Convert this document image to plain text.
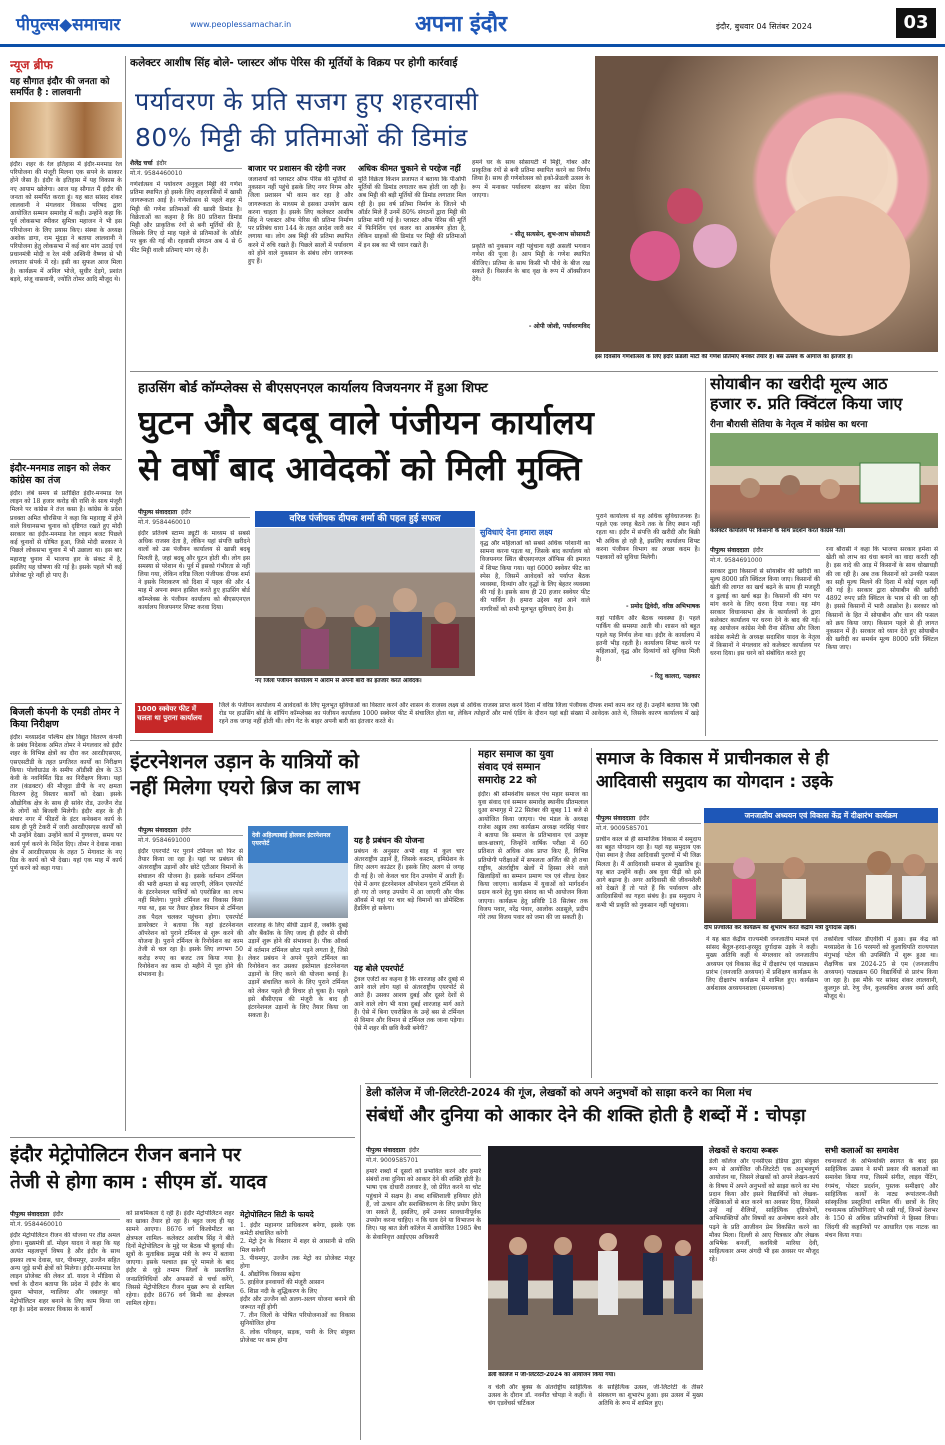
पीपुल्स◆समाचार	www.peoplessamachar.in	अपना इंदौर	इंदौर, बुधवार 04 सितंबर 2024	03
न्यूज ब्रीफ
यह सौगात इंदौर की जनता को समर्पित है : लालवानी
इंदौर। शहर के रेल इतिहास में इंदौर-मनमाड रेल परियोजना की मंजूरी मिलना एक सपने के साकार होने जैसा है। इंदौर के इतिहास में यह विकास के नए आयाम खोलेगा। आज यह सौगात मैं इंदौर की जनता को समर्पित करता हूं। यह बात सांसद शंकर लालवानी ने मंगलवार विकास परिषद द्वारा आयोजित सम्मान समारोह में कही। उन्होंने कहा कि पूर्व लोकसभा स्पीकर सुमित्रा महाजन ने भी इस परियोजना के लिए प्रयास किए। संस्था के अध्यक्ष अशोक डागा, राम मूंदड़ा ने बताया लालवानी ने परियोजना हेतु लोकसभा में कई बार मांग उठाई एवं प्रधानमंत्री मोदी व रेल मंत्री अश्विनी वैष्णव से भी लगातार संपर्क में रहे। इसी का सुफल आज मिला है। कार्यक्रम में अनिल भोजे, सुधीर देड़गे, प्रशांत बड़वे, संजू वासवानी, ज्योति तोमर आदि मौजूद थे।
इंदौर-मनमाड लाइन को लेकर कांग्रेस का तंज
इंदौर। लंबे समय से प्रतीक्षित इंदौर-मनमाड रेल लाइन को 18 हजार करोड़ की राशि के साथ मंजूरी मिलने पर कांग्रेस ने तंज कसा है। कांग्रेस के प्रदेश प्रवक्ता अमित चौरसिया ने कहा कि महाराष्ट्र में होने वाले विधानसभा चुनाव को दृष्टिगत रखते हुए मोदी सरकार का इंदौर-मनमाड रेल लाइन बजट पिछले कई चुनावों से घोषित हुआ, जिसे मोदी सरकार ने पिछले लोकसभा चुनाव में भी उछाला था। इस बार महाराष्ट्र चुनाव में भाजपा हार के संकट में है, इसलिए यह घोषणा की गई है। इसके पहले भी कई प्रोजेक्ट पूरे नहीं हो पाए हैं।
बिजली कंपनी के एमडी तोमर ने किया निरीक्षण
इंदौर। मध्यप्रदेश पश्चिम क्षेत्र विद्युत वितरण कंपनी के प्रबंध निदेशक अमित तोमर ने मंगलवार को इंदौर शहर के विभिन्न क्षेत्रों का दौरा कर आरडीएसएस, एसएसटीडी के तहत प्रगतिरत कार्यों का निरीक्षण किया। पोलोग्राउंड के समीप ऑडीसी क्षेत्र के 33 केवी के नवनिर्मित ग्रिड का निरीक्षण किया। यहां तार (कंडक्टर) की मौजूदा डीपी के नए क्षमता वितरण हेतु विस्तार कार्यों को देखा। इसके औद्योगिक क्षेत्र के साथ ही सांवेर रोड, उज्जैन रोड के लोगों को बिजली मिलेगी। इंदौर शहर के ही संचार नगर में फीडरों के इंटर कनेक्शन कार्य के साथ ही पूरी टेकरी में जारी आरडीएसएस कार्यों को भी उन्होंने देखा। उन्होंने कार्य में गुणवत्ता, समय पर कार्य पूर्ण करने के निर्देश दिए। तोमर ने देवास नाका क्षेत्र में आरडीएसएस के तहत 5 मेगावाट के नए ग्रिड के कार्य को भी देखा। यहां एक माह में कार्य पूर्ण करने को कहा गया।
कलेक्टर आशीष सिंह बोले- प्लास्टर ऑफ पेरिस की मूर्तियों के विक्रय पर होगी कार्रवाई
पर्यावरण के प्रति सजग हुए शहरवासी
80% मिट्टी की प्रतिमाओं की डिमांड
शैलेंद्र चर्चा इंदौर
मो.नं. 9584460010
गणेशोत्सव में पर्यावरण अनुकूल मिट्टी की गणेश प्रतिमा स्थापित हो इसके लिए शहरवासियों में खासी जागरूकता आई है। गणेशोत्सव से पहले शहर में मिट्टी की गणेश प्रतिमाओं की खासी डिमांड है। विक्रेताओं का कहना है कि 80 प्रतिशत डिमांड मिट्टी और प्राकृतिक रंगों से बनी मूर्तियों की है, जिसके लिए दो माह पहले से प्रतिमाओं के ऑर्डर पर बुक की गई थी। रहवासी संगठन अब 4 से 6 फीट मिट्टी वाली प्रतिमाएं मांग रहे हैं।
बाजार पर प्रशासन की रहेगी नजर
जलाशयों को प्लास्टर ऑफ पेरिस की मूर्तियों से नुकसान नहीं पहुंचे इसके लिए नगर निगम और जिला प्रशासन भी काम कर रहा है और जागरूकता के माध्यम से इसका उपयोग खत्म करना चाहता है। इसके लिए कलेक्टर आशीष सिंह ने प्लास्टर ऑफ पेरिस की प्रतिमा निर्माण पर प्रतिबंध धारा 144 के तहत आदेश जारी कर लगाया था। लोग अब मिट्टी की प्रतिमा स्थापित करने में रुचि रखते हैं। पिछले सालों में पर्यावरण को होने वाले नुकसान के संबंध लोग जागरूक हुए हैं।
अधिक कीमत चुकाने से परहेज नहीं
मूर्ति विक्रेता किशन प्रजापत ने बताया कि पीओपी मूर्तियों की डिमांड लगातार कम होती जा रही है। अब मिट्टी की बड़ी मूर्तियों की डिमांड लगातार मिल रही है। इस वर्ष प्रतिमा निर्माण के जितने भी ऑर्डर मिले हैं उनमें 80% संगठनों द्वारा मिट्टी की प्रतिमा मांगी गई है। प्लास्टर ऑफ पेरिस की मूर्ति में फिनिशिंग एवं कलर का आकर्षण होता है, लेकिन ग्राहकों की डिमांड पर मिट्टी की प्रतिमाओं में इन सब का भी ध्यान रखते हैं।
हमने घर के साथ सोसायटी में मिट्टी, गोबर और प्राकृतिक रंगों से बनी प्रतिमा स्थापित करने का निर्णय लिया है। साथ ही गणेशोत्सव को इको-फ्रेंडली उत्सव के रूप में मनाकर पर्यावरण संरक्षण का संदेश दिया जाएगा।
- सीतू सत्यसेन, शुभ-लाभ सोसायटी
प्रकृति को नुकसान नहीं पहुंचाना यही असली भगवान गणेश की पूजा है। आप मिट्टी के गणेश स्थापित कीजिए। प्रतिमा के साथ किसी भी पौधे के बीज रख सकते हैं। विसर्जन के बाद वृक्ष के रूप में ऑक्सीजन देंगे।
- ओपी जोशी, पर्यावरणविद
इस दिवसीय गणेशोत्सव के लिए इंदौर फ्रेंडली माटी की गणेश प्रतिमाएं बनकर तैयार हैं। बस उत्सव के आगाज का इंतजार है।
हाउसिंग बोर्ड कॉम्प्लेक्स से बीएसएनएल कार्यालय विजयनगर में हुआ शिफ्ट
घुटन और बदबू वाले पंजीयन कार्यालय
से वर्षों बाद आवेदकों को मिली मुक्ति
पीपुल्स संवाददाता इंदौर
मो.नं. 9584460010
इंदौर प्रतिवर्ष स्टाम्प ड्यूटी के माध्यम से सबसे अधिक राजस्व देता है, लेकिन यहां संपत्ति खरीदने वालों को उस पंजीयन कार्यालय से खासी बदबू मिलती है, जहां बदबू और घुटन होती थी। लोग इस समस्या से परेशान थे। पूर्व में इसको गंभीरता से नहीं लिया गया, लेकिन वरिष्ठ जिला पंजीयक दीपक शर्मा ने इसके निराकरण को दिशा में पहल की और 4 माह में अपना स्थान हासिल करते हुए हाउसिंग बोर्ड कॉम्प्लेक्स के पंजीयन कार्यालय को बीएसएनएल कार्यालय विजयनगर शिफ्ट करवा दिया।
वरिष्ठ पंजीयक दीपक शर्मा की पहल हुई सफल
नए जिला पंजीयन कार्यालय में आराम से अपनी बारी का इंतजार करते आवेदक।
सुविधाएं देना हमारा लक्ष्य
वृद्ध और महिलाओं को सबसे अधिक परेशानी का सामना करना पड़ता था, जिसके बाद कार्यालय को विजयनगर स्थित बीएसएनएल ऑफिस की इमारत में शिफ्ट किया गया। यहां 6000 स्क्वेयर फीट का स्पेस है, जिसमें आवेदकों को पर्याप्त बैठक व्यवस्था, दिव्यांग और वृद्धों के लिए बेहतर व्यवस्था की गई है। इसके साथ ही 20 हजार स्क्वेयर फीट की पार्किंग है। हमारा उद्देश्य यहां आने वाले नागरिकों को सभी मूलभूत सुविधाएं देना है।
पुराने कार्यालय से यह अधिक सुविधाजनक है। पहले एक जगह बैठने तक के लिए स्थान नहीं रहता था। इंदौर में संपत्ति की खरीदी और बिक्री भी अधिक हो रही है, इसलिए कार्यालय शिफ्ट करना पंजीयन विभाग का अच्छा कदम है। पक्षकारों को सुविधा मिलेगी।
- प्रमोद द्विवेदी, वरिष्ठ अभिभाषक
यहां पार्किंग और बैठक व्यवस्था है। पहले पार्किंग की समस्या आती थी। शासन को बहुत पहले यह निर्णय लेना था। इंदौर के कार्यालय में इतनी भीड़ रहती है। कार्यालय शिफ्ट करने पर महिलाओं, वृद्ध और दिव्यांगों को सुविधा मिली है।
- रितु कालरा, पक्षकार
1000 स्क्वेयर फीट में चलता था पुराना कार्यालय
जिले के पंजीयन कार्यालय में आवेदकों के लिए मूलभूत सुविधाओं का विस्तार करने और शासन के राजस्व लक्ष्य से अधिक राजस्व प्राप्त करने दिशा में वरिष्ठ जिला पंजीयक दीपक शर्मा काम कर रहे हैं। उन्होंने बताया कि एबी रोड पर हाउसिंग बोर्ड के शॉपिंग कॉम्प्लेक्स का पंजीयन कार्यालय 1000 स्क्वेयर फीट में संचालित होता था, लेकिन त्योहारों और मार्च एंडिंग के दौरान यहां बड़ी संख्या में आवेदक आते थे, जिसके कारण कार्यालय में खड़े रहने तक जगह नहीं होती थी। लोग गेट के बाहर अपनी बारी का इंतजार करते थे।
सोयाबीन का खरीदी मूल्य आठ
हजार रु. प्रति क्विंटल किया जाए
रीना बौरासी सेतिया के नेतृत्व में कांग्रेस का धरना
कलेक्टर कार्यालय पर किसानों के साथ प्रदर्शन करते कांग्रेस नेता।
पीपुल्स संवाददाता इंदौर
मो.नं. 9584691000
सरकार द्वारा किसानों से सोयाबीन की खरीदी का मूल्य 8000 प्रति क्विंटल किया जाए। किसानों की खेती की लागत का खर्च बढ़ने के साथ ही मजदूरी व ढुलाई का खर्च बढ़ा है। किसानों की मांग पर मांग करने के लिए धरना दिया गया। यह मांग सरकार विधानसभा क्षेत्र के कार्यालयों के द्वारा कलेक्टर कार्यालय पर धरना देने के बाद की गई। यह आयोजन कांग्रेस नेत्री रीना सेतिया और जिला कांग्रेस कमेटी के अध्यक्ष सदाशिव यादव के नेतृत्व में किसानों ने मंगलवार को कलेक्टर कार्यालय पर धरना दिया। इस धरने को संबोधित करते हुए
रना बौरासी ने कहा कि भाजपा सरकार हमेशा से खेती को लाभ का धंधा बनाने का वादा करती रही है। इस वादे की आड़ में किसानों के साथ धोखाधड़ी की जा रही है। अब तक किसानों को उनकी फसल का सही मूल्य मिलने की दिशा में कोई पहल नहीं की गई है। सरकार द्वारा सोयाबीन की खरीदी 4892 रुपए प्रति क्विंटल के भाव से की जा रही है। इससे किसानों में भारी आक्रोश है। सरकार को किसानों के हित में सोयाबीन और धान की फसल को क्रय किया जाए। किसान पहले से ही लागत नुकसान में हैं। सरकार को ध्यान देते हुए सोयाबीन की खरीदी का समर्थन मूल्य 8000 प्रति क्विंटल किया जाए।
इंटरनेशनल उड़ान के यात्रियों को
नहीं मिलेगा एयरो ब्रिज का लाभ
पीपुल्स संवाददाता इंदौर
मो.नं. 9584691000
इंदौर एयरपोर्ट पर पुराने टर्मिनल को फिर से तैयार किया जा रहा है। यहां पर प्रबंधन की अंतरराष्ट्रीय उड़ानों और छोटे एटीआर विमानों के संचालन की योजना है। इसके वर्तमान टर्मिनल की भारी क्षमता से बढ़ जाएगी, लेकिन एयरपोर्ट के इंटरनेशनल यात्रियों को एयरोब्रिज का लाभ नहीं मिलेगा। पुराने टर्मिनल का विकास किया गया था, इस पर तैयार होकर विमान से टर्मिनल तक पैदल चलकर पहुंचना होगा। एयरपोर्ट डायरेक्टर ने बताया कि यहां इंटरनेशनल ऑपरेशन को पुराने टर्मिनल से शुरू करने की योजना है। पुराने टर्मिनल के रिनोवेशन का काम तेजी से चल रहा है। इसके लिए लगभग 50 करोड़ रुपए का बजट तय किया गया है। रिनोवेशन का काम दो महीने में पूरा होने की संभावना है।
देवी अहिल्याबाई होलकर इंटरनेशनल एयरपोर्ट
शारजाह के लिए सीधी उड़ानें हैं, जबकि दुबई और बैंकॉक के लिए जल्द ही इंदौर से सीधी उड़ानें शुरू होने की संभावना है। पीक ऑवर्स में वर्तमान टर्मिनल छोटा पड़ने लगता है, जिसे लेकर प्रबंधन ने अपने पुराने टर्मिनल का रिनोवेशन कर उसका इस्तेमाल इंटरनेशनल उड़ानों के लिए करने की योजना बनाई है। उड़ानें संचालित करने के लिए पुराने टर्मिनल को लेकर पहले ही विचार हो चुका है। पहले इसे बीसीएएस की मंजूरी के बाद ही इंटरनेशनल उड़ानों के लिए तैयार किया जा सकता है।
यह है प्रबंधन की योजना
प्रबंधन के अनुसार अभी शाह में कुल चार अंतरराष्ट्रीय उड़ानें हैं, जिसके कस्टम, इमिग्रेशन के लिए अलग काउंटर हैं। इसके लिए अलग से जगह दी गई है। जो केवल चार दिन उपयोग में आती हैं। ऐसे में अगर इंटरनेशनल ऑपरेशन पुराने टर्मिनल से हो गए तो जगह उपयोग में आ जाएगी और पीक ऑवर्स में यहां पर चार बड़े विमानों का डोमेस्टिक हैंडलिंग हो सकेगा।
यह बोले एयरपोर्ट
ट्रेवल एजेंटों का कहना है कि शारजाह और दुबई से आने वाले लोग यहां से अंतरराष्ट्रीय एयरपोर्ट से आते हैं। उसका आशय दुबई और दूसरे देशों से आने वाले लोग भी यात्रा दुबई शारजाह मार्ग आते हैं। ऐसे में बिना एयरोब्रिज के उन्हें बस से टर्मिनल से विमान और विमान से टर्मिनल तक जाना पड़ेगा। ऐसे में शहर की छवि कैसी बनेगी?
महार समाज का युवा
संवाद एवं सम्मान
समारोह 22 को
इंदौर। श्री सोमवंशीय सकल पंच महार समाज का युवा संवाद एवं सम्मान समारोह स्थानीय प्रीतमलाल दुआ सभागृह में 22 सितंबर की सुबह 11 बजे से आयोजित किया जाएगा। पंच मंडल के अध्यक्ष राजेश अड्डाय तथा कार्यक्रम अध्यक्ष नरसिंह पंवार ने बताया कि समाज के प्रतिभावान एवं उत्कृष्ट छात्र-छात्राएं, जिन्होंने वार्षिक परीक्षा में 60 प्रतिशत से अधिक अंक प्राप्त किए हैं, विभिन्न प्रतियोगी परीक्षाओं में सफलता अर्जित की हो तथा राष्ट्रीय, अंतर्राष्ट्रीय खेलों में हिस्सा लेने वाले खिलाड़ियों का सम्मान प्रमाण पत्र एवं शील्ड देकर किया जाएगा। कार्यक्रम में युवाओं को मार्गदर्शन प्रदान करने हेतु युवा संवाद का भी आयोजन किया जाएगा। कार्यक्रम हेतु प्रविष्टि 18 सितंबर तक विजय पवार, नरेंद्र पंवार, आलोक अडसूले, प्रदीप गोरे तथा विजय पवार को जमा की जा सकती है।
समाज के विकास में प्राचीनकाल से ही
आदिवासी समुदाय का योगदान : उइके
पीपुल्स संवाददाता इंदौर
मो.नं. 9009585701
प्राचीन काल से ही सामाजिक विकास में समुदाय का बहुत योगदान रहा है। यहां यह समुदाय एक ऐसा स्थान है जैसा आदिवासी पुराणों में भी जिक्र मिलता है। मैं आदिवासी समाज से मुखातिब हूं। यह बात उन्होंने कही। अब युवा पीढ़ी को इसे आगे बढ़ाना है। अगर आदिवासी की जीवनशैली को देखते हैं तो पाते हैं कि पर्यावरण और आदिवासियों का गहरा संबंध है। इस समुदाय ने कभी भी प्रकृति को नुकसान नहीं पहुंचाया।
जनजातीय अध्ययन एवं विकास केंद्र में दीक्षारंभ कार्यक्रम
दीप प्रज्वलित कर कार्यक्रम का शुभारंभ करते केंद्रीय मंत्री दुर्गादास उइके।
ने यह बात केंद्रीय राज्यमंत्री जनजातीय मामले एवं सांसद बैतूल-हरदा-हरसूद दुर्गादास उइके ने कही। मुख्य अतिथि कहीं थे मंगलवार को जनजातीय अध्ययन एवं विकास केंद्र में दीक्षारंभ एवं पाठ्यक्रम प्रारंभ (जनजाति अध्ययन) में प्रशिक्षण कार्यक्रम के लिए दीक्षारंभ कार्यक्रम में शामिल हुए। कार्यक्रम अर्थशास्त्र अध्ययनशाला (समन्वयक)
तकशिला परिसर डीएवीवी में हुआ। इस केंद्र को मध्यप्रदेश के 16 परस्परों को कुलाधिपति राज्यपाल मंगुभाई पटेल की उपस्थिति में शुरू हुआ था। शैक्षणिक सत्र 2024-25 से एम (जनजातीय अध्ययन) पाठ्यक्रम 60 विद्यार्थियों से प्रारंभ किया जा रहा है। इस मौके पर सांसद शंकर लालवानी, कुलगुरु प्रो. रेणु जैन, कुलसचिव अजय वर्मा आदि मौजूद थे।
इंदौर मेट्रोपोलिटन रीजन बनाने पर
तेजी से होगा काम : सीएम डॉ. यादव
पीपुल्स संवाददाता इंदौर
मो.नं. 9584460010
इंदौर मेट्रोपोलिटन रीजन की योजना पर तीव्र अमल होगा। मुख्यमंत्री डॉ. मोहन यादव ने कहा कि यह अत्यंत महत्वपूर्ण विषय है और इंदौर के साथ इसका लाभ देवास, धार, पीथमपुर, उज्जैन सहित अन्य जुड़े सभी क्षेत्रों को मिलेगा। इंदौर-मनमाड रेल लाइन प्रोजेक्ट की लेकर डॉ. यादव ने मीडिया से चर्चा के दौरान बताया कि प्रदेश में इंदौर के बाद दूसरा भोपाल, ग्वालियर और जबलपुर को मेट्रोपॉलिटन शहर बनाने के लिए काम किया जा रहा है। प्रदेश सरकार विकास के कार्यों
को प्राथमिकता दे रही है। इंदौर मेट्रोपोलिटन शहर का खाका तैयार हो रहा है। बहुत जल्द ही यह सामने आएगा। 8676 वर्ग किलोमीटर का क्षेत्रफल शामिल- कलेक्टर आशीष सिंह ने बीते दिनों मेट्रोपोलिटन के मुद्दे पर बैठक भी बुलाई थी। सूत्रों के मुताबिक प्रमुख मंत्री के रूप में बताया जाएगा। इसके पश्चात इस पूरे मामले के बाद इंदौर से जुड़े तमाम जिलों के प्रस्तावित जनप्रतिनिधियों और अफसरों से चर्चा करेंगे, जिससे मेट्रोपोलिटन रीजन मुख्य रूप से शामिल रहेगा। इंदौर 8676 वर्ग किमी का क्षेत्रफल शामिल रहेगा।
मेट्रोपोलिटन सिटी के फायदे
1. इंदौर महानगर प्राधिकरण बनेगा, इसके एक कमेटी संचालित करेगी
2. मेट्रो ट्रेन के विस्तार में शहर से आसानी से राशि मिल सकेगी
3. पीथमपुर, उज्जैन तक मेट्रो का प्रोजेक्ट मंजूर होगा
4. औद्योगिक विकास बढ़ेगा
5. हाईवेज इनवायरों की मंजूरी आसान
6. शिप्रा नदी के शुद्धिकरण के लिए
इंदौर और उज्जैन को अलग-अलग योजना बनाने की जरूरत नहीं होगी
7. तीन जिलों के पोषित परियोजनाओं का विकास सुनियोजित होगा
8. लोक परिवहन, सड़क, पानी के लिए संयुक्त प्रोजेक्ट पर काम होगा
डेली कॉलेज में जी-लिटरेटी-2024 की गूंज, लेखकों को अपने अनुभवों को साझा करने का मिला मंच
संबंधों और दुनिया को आकार देने की शक्ति होती है शब्दों में : चोपड़ा
पीपुल्स संवाददाता इंदौर
मो.नं. 9009585701
हमारे शब्दों में दूसरों को प्रभावित करने और हमारे संबंधों तथा दुनिया को आकार देने की शक्ति होती है। भाषा एक दोधारी तलवार है, जो प्रेरित करने या चोट पहुंचाने में सक्षम है। शब्द शक्तिशाली हथियार होते हैं, जो उत्थान और सशक्तिकरण के लिए प्रयोग किए जा सकते हैं, इसलिए, हमें उनका सावधानीपूर्वक उपयोग करना चाहिए। न कि घाव देने या विभाजन के लिए। यह बात डेली कॉलेज में आयोजित 1985 बैच के सेवानिवृत्त आईएएस अधिकारी
डेली कॉलेज में जी-लिटरेटी-2024 का आयोजन किया गया।
व चेली और बुक्स के अंतर्राष्ट्रीय साहित्यिक उत्सव के दौरान डॉ. नवनीत चोपड़ा ने कहीं। वे चंग एडवेंचर्स चर्टिकल
के साहित्यिक उत्सव, जी-लिटरेटी के तीसरे संस्करण का शुभारंभ हुआ। इस उत्सव में मुख्य अतिथि के रूप में शामिल हुए।
लेखकों से कराया रूबरू
डेली कॉलेज और एनसीएस इंडिया द्वारा संयुक्त रूप से आयोजित जी-लिटरेटी एक अनुभवपूर्ण आयोजन था, जिसने लेखकों को अपने लेखन-कार्य के विषय में अपने अनुभवों को साझा करने का मंच प्रदान किया और इसने विद्यार्थियों को लेखक-लेखिकाओं से बात करने का अवसर दिया, जिससे उन्हें नई शैलियों, साहित्यिक दृष्टिकोणों, अभिव्यक्तियों और विषयों का अन्वेषण करने और पढ़ने के प्रति आजीवन प्रेम विकसित करने का मौका मिला। दिल्ली से आए चित्रकार और लेखक अभिषेक बनर्जी, कवयित्री मारिया देवी, साहित्यकार अमर अंगदी भी इस अवसर पर मौजूद रहे।
सभी कलाओं का समावेश
रचनाकारों के अभिव्यक्ति स्वागत के बाद इस साहित्यिक उत्सव ने सभी प्रकार की कलाओं का समावेश किया गया, जिसमें संगीत, लाइव पेंटिंग, रंगमंच, पोस्टर प्रदर्शन, पुस्तक समीक्षाएं और साहित्यिक कार्यों के नाट्य रूपांतरण-जैसी सांस्कृतिक प्रस्तुतियां शामिल थीं। छात्रों के लिए रचनात्मक प्रतियोगिताएं भी रखी गईं, जिनमें देशभर के 150 से अधिक प्रतिभागियों ने हिस्सा लिया। जिंदगी की कहानियों पर आधारित एक नाटक का मंचन किया गया।
